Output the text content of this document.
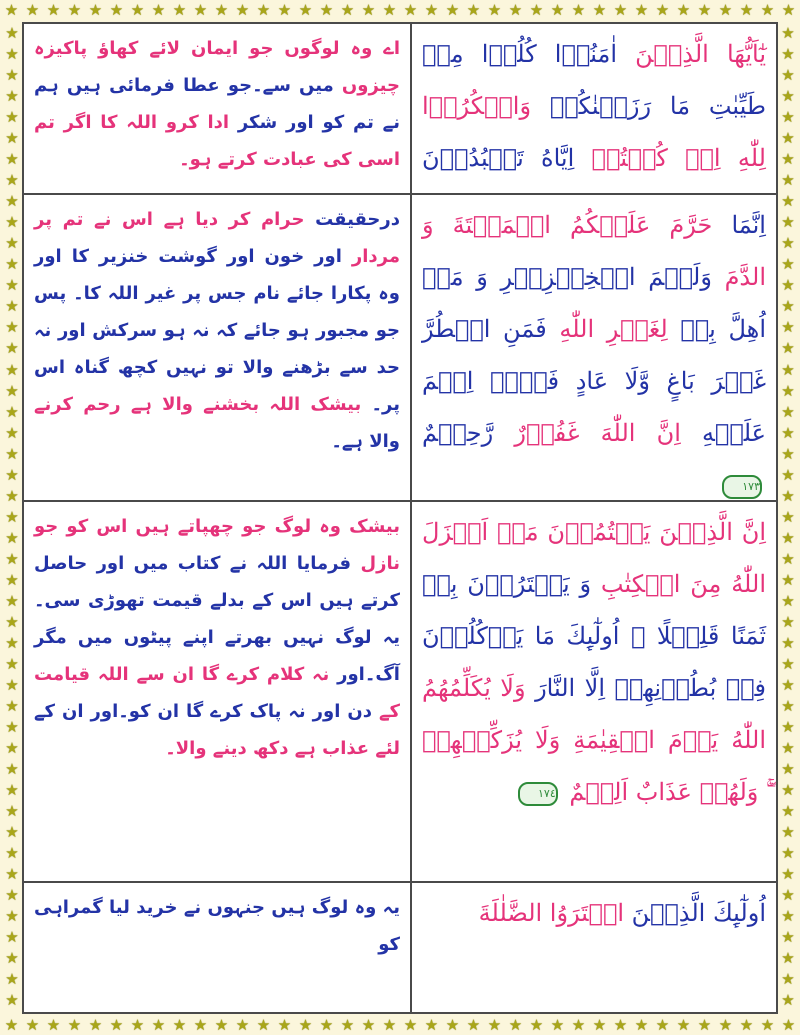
★ ★ ★ ★ ★ ★ ★ ★ ★ ★ ★ ★ ★ ★ ★ ★ ★ ★ ★ ★ ★ ★ ★ ★ ★ ★ ★ ★ ★ ★ ★ ★ ★ ★ ★ ★ ★ ★
★ ★ ★ ★ ★ ★ ★ ★ ★ ★ ★ ★ ★ ★ ★ ★ ★ ★ ★ ★ ★ ★ ★ ★ ★ ★ ★ ★ ★ ★ ★ ★ ★ ★ ★ ★ ★ ★
★
★
★
★
★
★
★
★
★
★
★
★
★
★
★
★
★
★
★
★
★
★
★
★
★
★
★
★
★
★
★
★
★
★
★
★
★
★
★
★
★
★
★
★
★
★
★
★
★
★
★
★
★
★
★
★
★
★
★
★
★
★
★
★
★
★
★
★
★
★
★
★
★
★
★
★
★
★
★
★
★
★
★
★
★
★
★
★
★
★
★
★
★
★
اے وہ لوگوں جو ایمان لائے کھاؤ پاکیزہ چیزوں میں سے۔جو عطا فرمائی ہیں ہم نے تم کو اور شکر ادا کرو اللہ کا اگر تم اسی کی عبادت کرتے ہو۔
يٰٓاَيُّهَا الَّذِيۡنَ اٰمَنُوۡا كُلُوۡا مِنۡ طَيِّبٰتِ مَا رَزَقۡنٰكُمۡ وَاشۡكُرُوۡا لِلّٰهِ اِنۡ كُنۡتُمۡ اِيَّاهُ تَعۡبُدُوۡنَ
درحقیقت حرام کر دیا ہے اس نے تم پر مردار اور خون اور گوشت خنزیر کا اور وہ پکارا جائے نام جس پر غیر اللہ کا۔ پس جو مجبور ہو جائے کہ نہ ہو سرکش اور نہ حد سے بڑھنے والا تو نہیں کچھ گناہ اس پر۔ بیشک اللہ بخشنے والا ہے رحم کرنے والا ہے۔
اِنَّمَا حَرَّمَ عَلَيۡكُمُ الۡمَيۡتَةَ وَ الدَّمَ وَلَحۡمَ الۡخِنۡزِيۡرِ وَ مَاۤ اُهِلَّ بِهٖ لِغَيۡرِ اللّٰهِ فَمَنِ اضۡطُرَّ غَيۡرَ بَاغٍ وَّلَا عَادٍ فَلَاۤ اِثۡمَ عَلَيۡهِ اِنَّ اللّٰهَ غَفُوۡرٌ رَّحِيۡمٌ ١٧٣
بیشک وہ لوگ جو چھپاتے ہیں اس کو جو نازل فرمایا اللہ نے کتاب میں اور حاصل کرتے ہیں اس کے بدلے قیمت تھوڑی سی۔یہ لوگ نہیں بھرتے اپنے پیٹوں میں مگر آگ۔اور نہ کلام کرے گا ان سے اللہ قیامت کے دن اور نہ پاک کرے گا ان کو۔اور ان کے لئے عذاب ہے دکھ دینے والا۔
اِنَّ الَّذِيۡنَ يَكۡتُمُوۡنَ مَاۤ اَنۡزَلَ اللّٰهُ مِنَ الۡكِتٰبِ وَ يَشۡتَرُوۡنَ بِهٖ ثَمَنًا قَلِيۡلًا ۙ اُولٰٓٮِٕكَ مَا يَاۡكُلُوۡنَ فِىۡ بُطُوۡنِهِمۡ اِلَّا النَّارَ وَلَا يُكَلِّمُهُمُ اللّٰهُ يَوۡمَ الۡقِيٰمَةِ وَلَا يُزَكِّيۡهِمۡ ۖۚ وَلَهُمۡ عَذَابٌ اَلِيۡمٌ ١٧٤
یہ وہ لوگ ہیں جنہوں نے خرید لیا گمراہی کو
اُولٰٓٮِٕكَ الَّذِيۡنَ اشۡتَرَوُا الضَّلٰلَةَ
